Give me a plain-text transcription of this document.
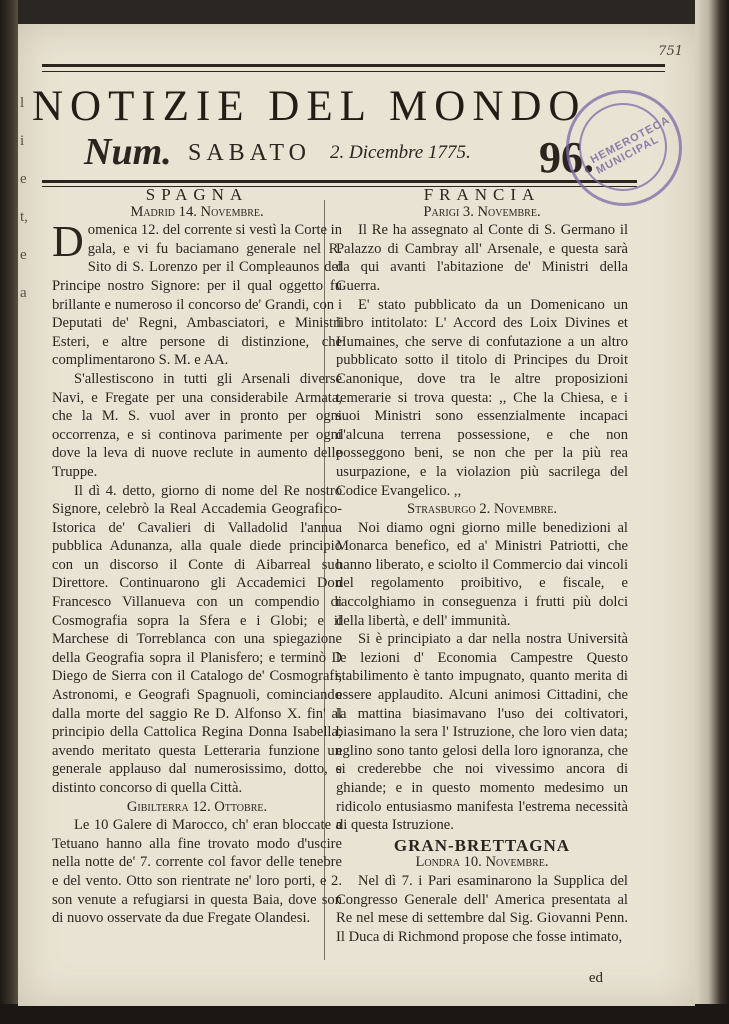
l
i
e
t,
e
a
751
NOTIZIE DEL MONDO
Num. SABATO 2. Dicembre 1775. 96.
HEMEROTECA MUNICIPAL
SPAGNA
Madrid 14. Novembre.

Domenica 12. del corrente si vestì la Corte in gala, e vi fu baciamano generale nel R. Sito di S. Lorenzo per il Compleaunos del Principe nostro Signore: per il qual oggetto fu brillante e numeroso il concorso de' Grandi, con i Deputati de' Regni, Ambasciatori, e Ministri Esteri, e altre persone di distinzione, che complimentarono S. M. e AA.

S'allestiscono in tutti gli Arsenali diverse Navi, e Fregate per una considerabile Armata, che la M. S. vuol aver in pronto per ogni occorrenza, e si continova parimente per ogni dove la leva di nuove reclute in aumento delle Truppe.

Il dì 4. detto, giorno di nome del Re nostro Signore, celebrò la Real Accademia Geografico-Istorica de' Cavalieri di Valladolid l'annua pubblica Adunanza, alla quale diede principio con un discorso il Conte di Aibarreal suo Direttore. Continuarono gli Accademici Don Francesco Villanueva con un compendio di Cosmografia sopra la Sfera e i Globi; e il Marchese di Torreblanca con una spiegazione della Geografia sopra il Planisfero; e terminò D Diego de Sierra con il Catalogo de' Cosmografi, Astronomi, e Geografi Spagnuoli, cominciando dalla morte del saggio Re D. Alfonso X. fin' al principio della Cattolica Regina Donna Isabella; avendo meritato questa Letteraria funzione un generale applauso dal numerosissimo, dotto, e distinto concorso di quella Città.

Gibilterra 12. Ottobre.

Le 10 Galere di Marocco, ch' eran bloccate a Tetuano hanno alla fine trovato modo d'uscire nella notte de' 7. corrente col favor delle tenebre e del vento. Otto son rientrate ne' loro porti, e 2. son venute a refugiarsi in questa Baia, dove son di nuovo osservate da due Fregate Olandesi.

FRANCIA
Parigi 3. Novembre.

Il Re ha assegnato al Conte di S. Germano il Palazzo di Cambray all' Arsenale, e questa sarà da qui avanti l'abitazione de' Ministri della Guerra.

E' stato pubblicato da un Domenicano un libro intitolato: L' Accord des Loix Divines et Humaines, che serve di confutazione a un altro pubblicato sotto il titolo di Principes du Droit Canonique, dove tra le altre proposizioni temerarie si trova questa: ,, Che la Chiesa, e i suoi Ministri sono essenzialmente incapaci d'alcuna terrena possessione, e che non posseggono beni, se non che per la più rea usurpazione, e la violazion più sacrilega del Codice Evangelico. ,,

Strasburgo 2. Novembre.

Noi diamo ogni giorno mille benedizioni al Monarca benefico, ed a' Ministri Patriotti, che hanno liberato, e sciolto il Commercio dai vincoli del regolamento proibitivo, e fiscale, e raccolghiamo in conseguenza i frutti più dolci della libertà, e dell' immunità.

Si è principiato a dar nella nostra Università le lezioni d' Economia Campestre Questo stabilimento è tanto impugnato, quanto merita di essere applaudito. Alcuni animosi Cittadini, che la mattina biasimavano l'uso dei coltivatori, biasimano la sera l' Istruzione, che loro vien data; eglino sono tanto gelosi della loro ignoranza, che si crederebbe che noi vivessimo ancora di ghiande; e in questo momento medesimo un ridicolo entusiasmo manifesta l'estrema necessità di questa Istruzione.

GRAN-BRETTAGNA
Londra 10. Novembre.

Nel dì 7. i Pari esaminarono la Supplica del Congresso Generale dell' America presentata al Re nel mese di settembre dal Sig. Giovanni Penn. Il Duca di Richmond propose che fosse intimato,

ed
